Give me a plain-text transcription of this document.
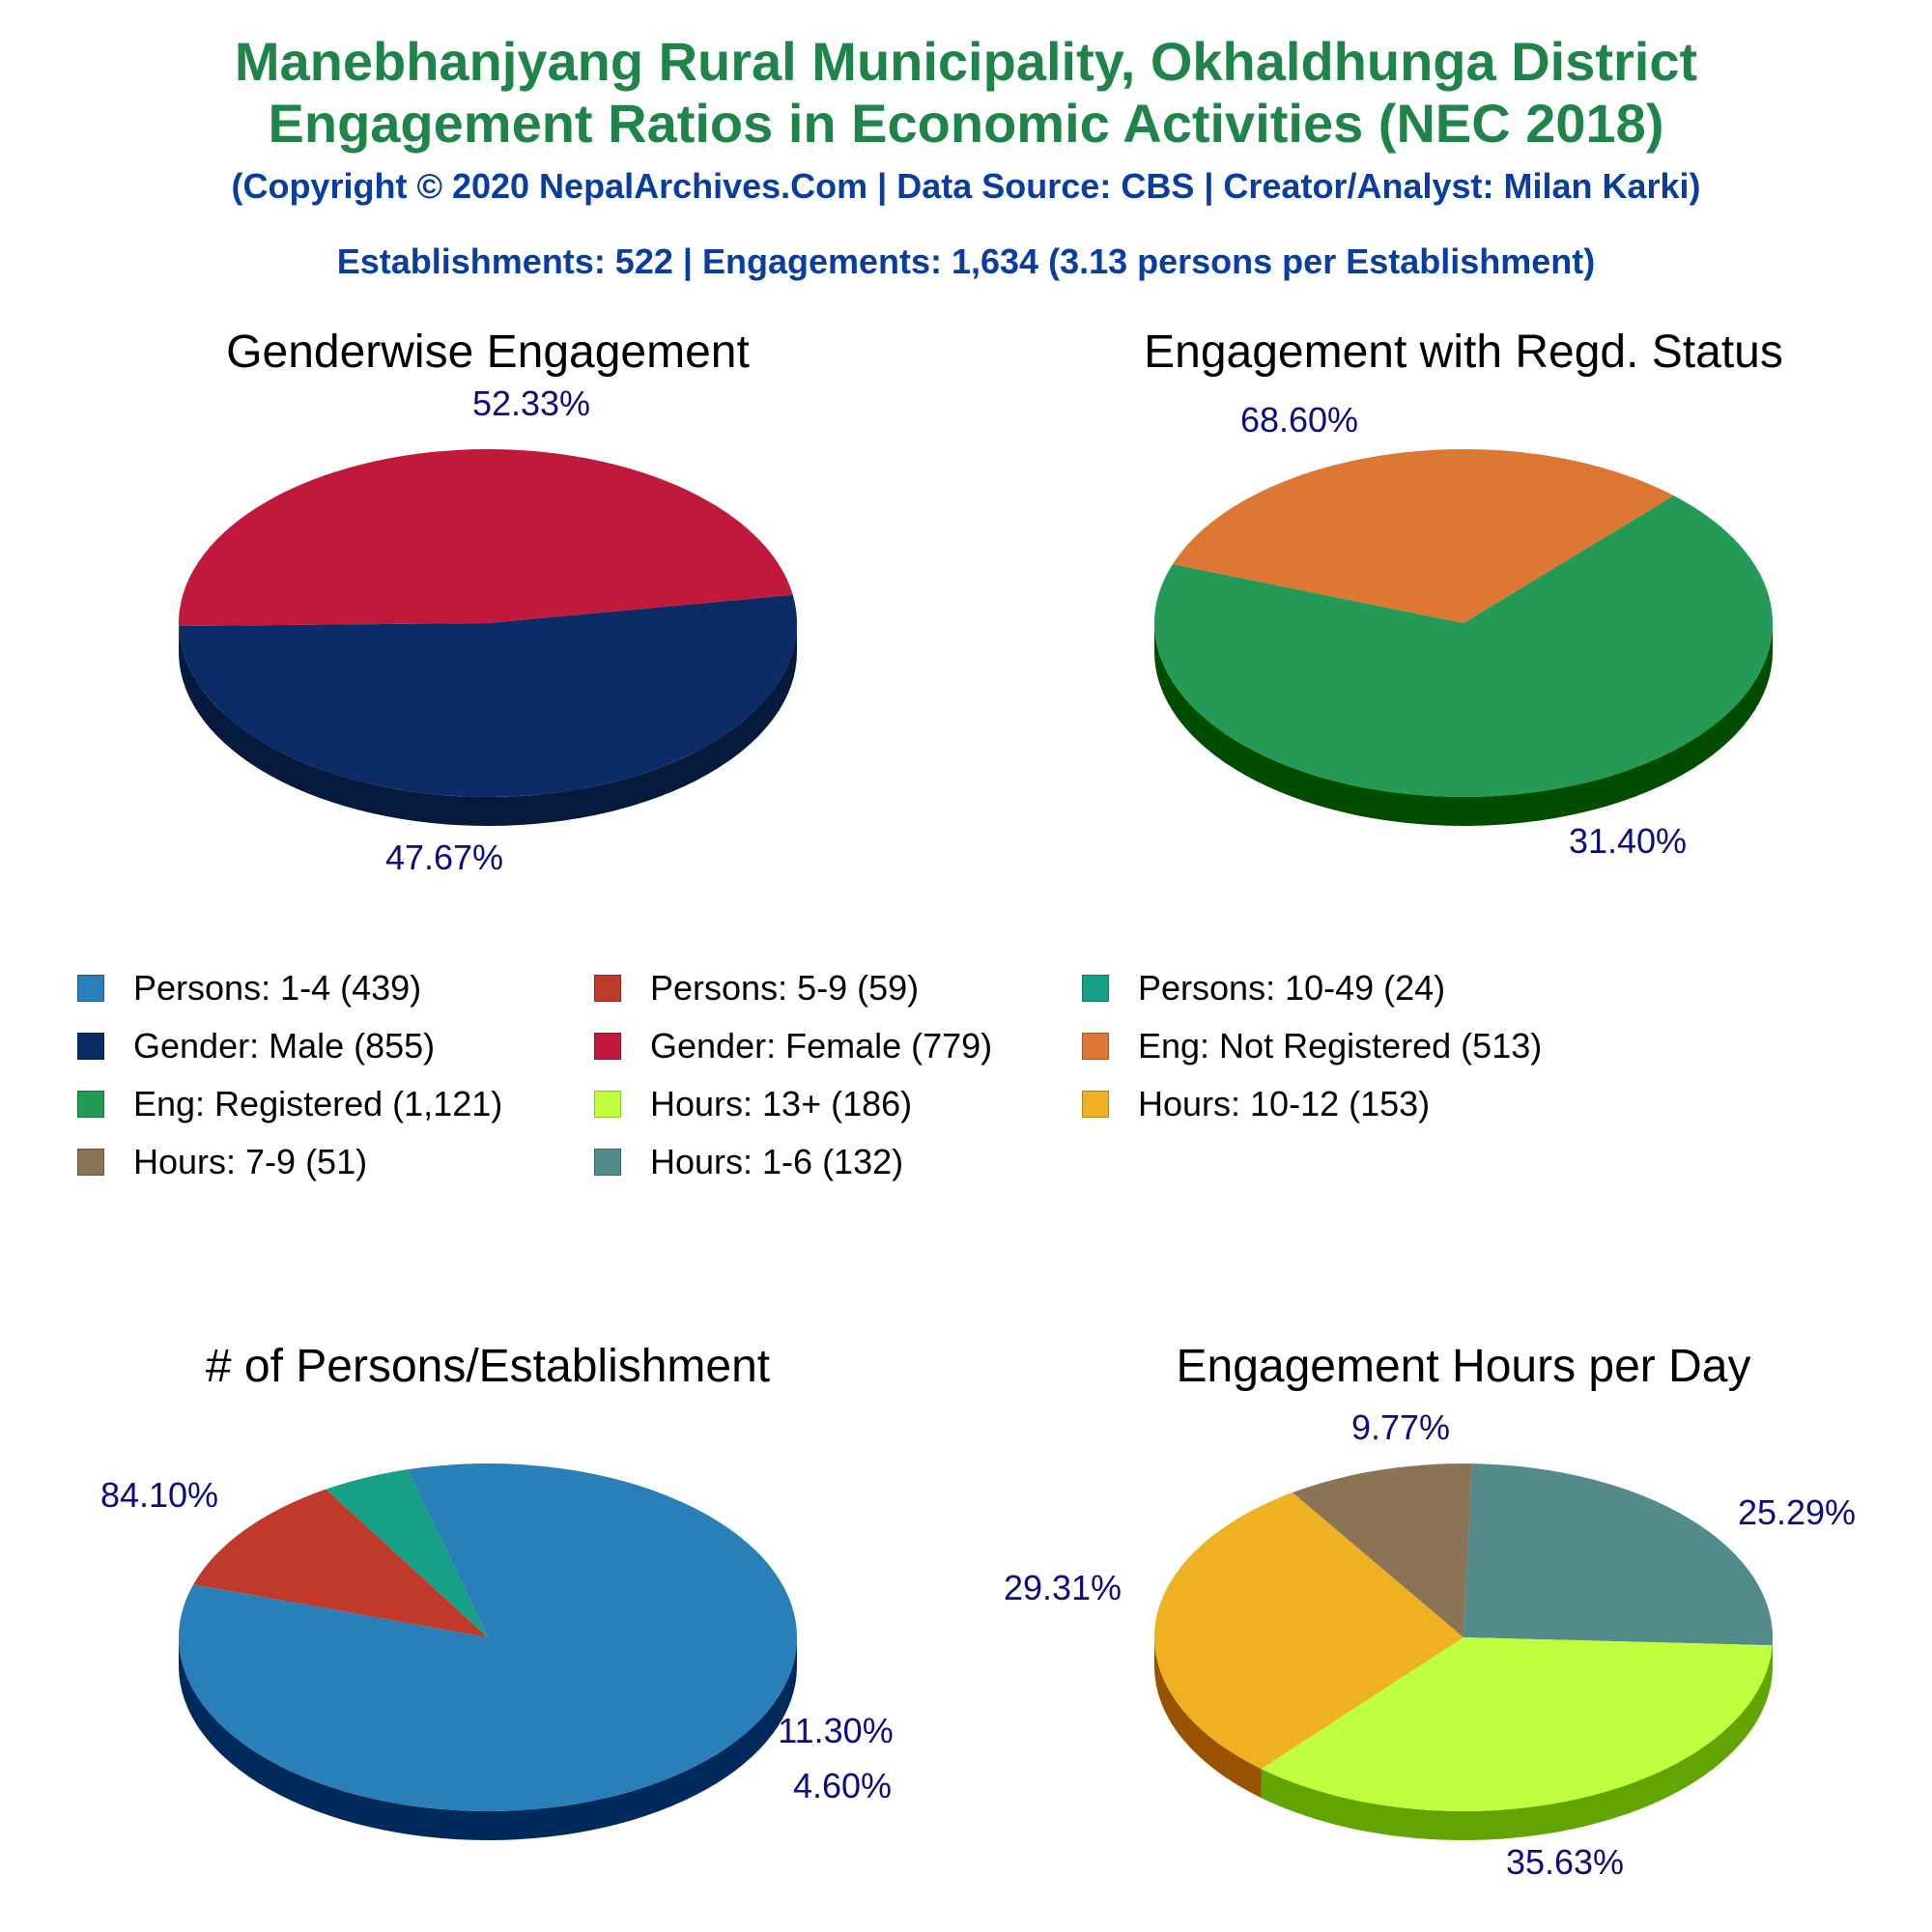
Manebhanjyang Rural Municipality, Okhaldhunga District
Engagement Ratios in Economic Activities (NEC 2018)
(Copyright © 2020 NepalArchives.Com | Data Source: CBS | Creator/Analyst: Milan Karki)
Establishments: 522 | Engagements: 1,634 (3.13 persons per Establishment)
Genderwise Engagement
52.33%
47.67%
Engagement with Regd. Status
68.60%
31.40%
# of Persons/Establishment
84.10%
11.30%
4.60%
Engagement Hours per Day
25.29%
35.63%
29.31%
9.77%
Persons: 1-4 (439)	Persons: 5-9 (59)	Persons: 10-49 (24)
Gender: Male (855)	Gender: Female (779)	Eng: Not Registered (513)
Eng: Registered (1,121)	Hours: 13+ (186)	Hours: 10-12 (153)
Hours: 7-9 (51)	Hours: 1-6 (132)
